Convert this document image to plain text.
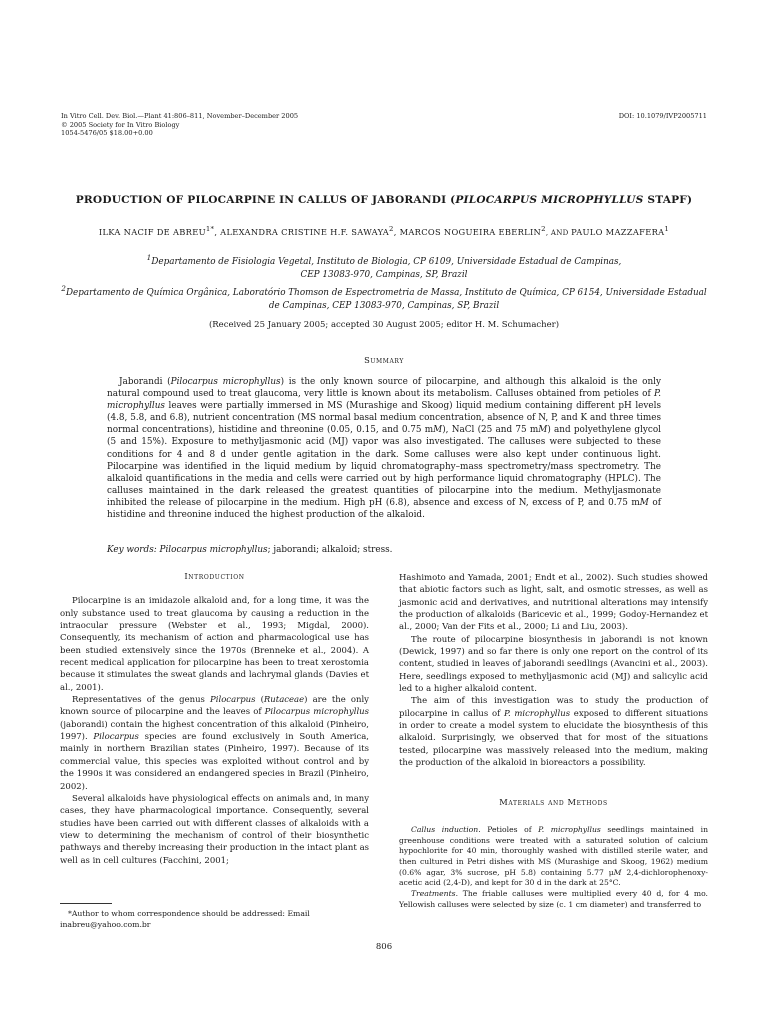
In Vitro Cell. Dev. Biol.—Plant 41:806–811, November–December 2005
© 2005 Society for In Vitro Biology
1054-5476/05 $18.00+0.00
DOI: 10.1079/IVP2005711
PRODUCTION OF PILOCARPINE IN CALLUS OF JABORANDI (PILOCARPUS MICROPHYLLUS STAPF)
ILKA NACIF DE $ABREU^{1*}$, ALEXANDRA CRISTINE H.F. SAWAYA$^2$, MARCOS NOGUEIRA EBERLIN$^2$, AND PAULO MAZZAFERA$^1$
$^1$Departamento de Fisiologia Vegetal, Instituto de Biologia, CP 6109, Universidade Estadual de Campinas,
CEP 13083-970, Campinas, SP, Brazil
$^2$Departamento de Química Orgânica, Laboratório Thomson de Espectrometria de Massa, Instituto de Química, CP 6154, Universidade Estadual
de Campinas, CEP 13083-970, Campinas, SP, Brazil
(Received 25 January 2005; accepted 30 August 2005; editor H. M. Schumacher)
Summary

Jaborandi (Pilocarpus microphyllus) is the only known source of pilocarpine, and although this alkaloid is the only natural compound used to treat glaucoma, very little is known about its metabolism. Calluses obtained from petioles of P. microphyllus leaves were partially immersed in MS (Murashige and Skoog) liquid medium containing different pH levels (4.8, 5.8, and 6.8), nutrient concentration (MS normal basal medium concentration, absence of N, P, and K and three times normal concentrations), histidine and threonine (0.05, 0.15, and 0.75 mM), NaCl (25 and 75 mM) and polyethylene glycol (5 and 15%). Exposure to methyljasmonic acid (MJ) vapor was also investigated. The calluses were subjected to these conditions for 4 and 8 d under gentle agitation in the dark. Some calluses were also kept under continuous light. Pilocarpine was identified in the liquid medium by liquid chromatography–mass spectrometry/mass spectrometry. The alkaloid quantifications in the media and cells were carried out by high performance liquid chromatography (HPLC). The calluses maintained in the dark released the greatest quantities of pilocarpine into the medium. Methyljasmonate inhibited the release of pilocarpine in the medium. High pH (6.8), absence and excess of N, excess of P, and 0.75 mM of histidine and threonine induced the highest production of the alkaloid.

Key words: Pilocarpus microphyllus; jaborandi; alkaloid; stress.

Introduction

Pilocarpine is an imidazole alkaloid and, for a long time, it was the only substance used to treat glaucoma by causing a reduction in the intraocular pressure (Webster et al., 1993; Migdal, 2000). Consequently, its mechanism of action and pharmacological use has been studied extensively since the 1970s (Brenneke et al., 2004). A recent medical application for pilocarpine has been to treat xerostomia because it stimulates the sweat glands and lachrymal glands (Davies et al., 2001).

Representatives of the genus Pilocarpus (Rutaceae) are the only known source of pilocarpine and the leaves of Pilocarpus microphyllus (jaborandi) contain the highest concentration of this alkaloid (Pinheiro, 1997). Pilocarpus species are found exclusively in South America, mainly in northern Brazilian states (Pinheiro, 1997). Because of its commercial value, this species was exploited without control and by the 1990s it was considered an endangered species in Brazil (Pinheiro, 2002).

Several alkaloids have physiological effects on animals and, in many cases, they have pharmacological importance. Consequently, several studies have been carried out with different classes of alkaloids with a view to determining the mechanism of control of their biosynthetic pathways and thereby increasing their production in the intact plant as well as in cell cultures (Facchini, 2001;

*Author to whom correspondence should be addressed: Email inabreu@yahoo.com.br

Hashimoto and Yamada, 2001; Endt et al., 2002). Such studies showed that abiotic factors such as light, salt, and osmotic stresses, as well as jasmonic acid and derivatives, and nutritional alterations may intensify the production of alkaloids (Baricevic et al., 1999; Godoy-Hernandez et al., 2000; Van der Fits et al., 2000; Li and Liu, 2003).

The route of pilocarpine biosynthesis in jaborandi is not known (Dewick, 1997) and so far there is only one report on the control of its content, studied in leaves of jaborandi seedlings (Avancini et al., 2003). Here, seedlings exposed to methyljasmonic acid (MJ) and salicylic acid led to a higher alkaloid content.

The aim of this investigation was to study the production of pilocarpine in callus of P. microphyllus exposed to different situations in order to create a model system to elucidate the biosynthesis of this alkaloid. Surprisingly, we observed that for most of the situations tested, pilocarpine was massively released into the medium, making the production of the alkaloid in bioreactors a possibility.

Materials and Methods

Callus induction. Petioles of P. microphyllus seedlings maintained in greenhouse conditions were treated with a saturated solution of calcium hypochlorite for 40 min, thoroughly washed with distilled sterile water, and then cultured in Petri dishes with MS (Murashige and Skoog, 1962) medium (0.6% agar, 3% sucrose, pH 5.8) containing 5.77 μM 2,4-dichlorophenoxy-acetic acid (2,4-D), and kept for 30 d in the dark at 25°C.

Treatments. The friable calluses were multiplied every 40 d, for 4 mo. Yellowish calluses were selected by size (c. 1 cm diameter) and transferred to

806
